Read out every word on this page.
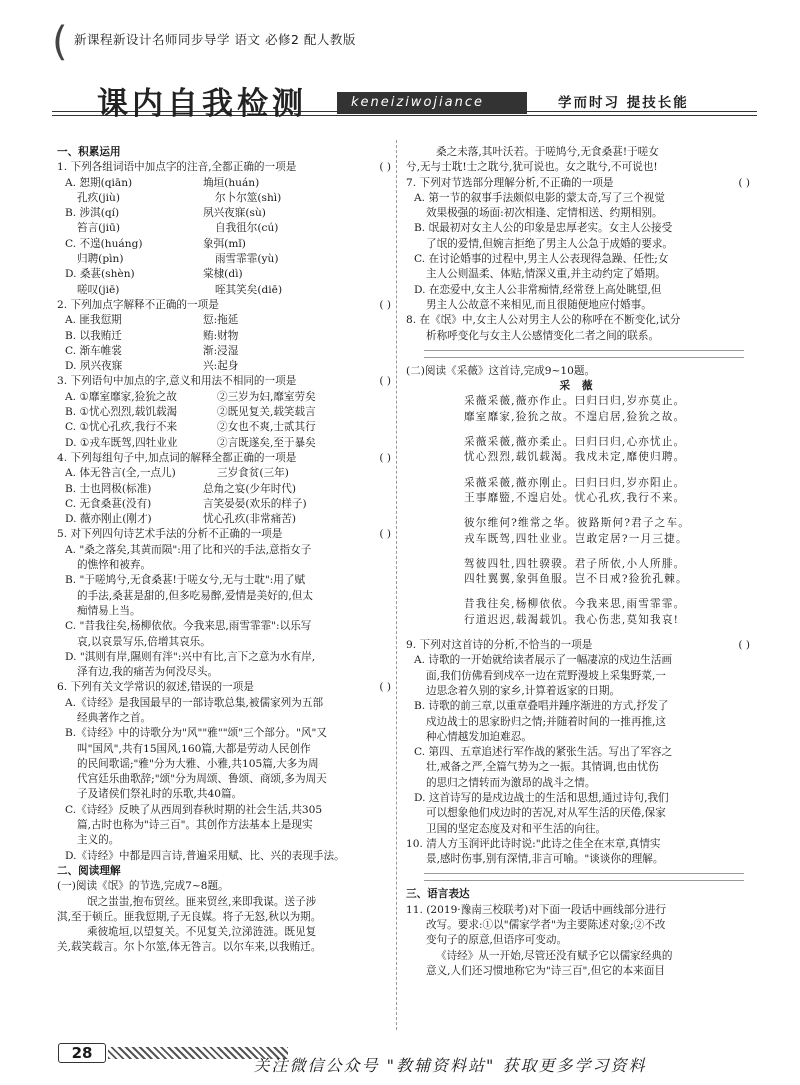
( 新课程新设计名师同步导学 语文 必修2 配人教版
课内自我检测	keneiziwojiance	学而时习 提技长能
一、积累运用
1. 下列各组词语中加点字的注音,全都正确的一项是	( )
A. 恕期(qiān)	埆垣(huán)
孔疚(jiù)	尔卜尔筮(shì)
B. 涉淇(qí)	夙兴夜寐(sù)
笞言(jiū)	自我徂尔(cú)
C. 不遑(huáng)	象弭(mǐ)
归聘(pìn)	雨雪霏霏(yù)
D. 桑葚(shèn)	棠棣(dì)
嗟叹(jiē)	咥其笑矣(diē)
2. 下列加点字解释不正确的一项是	( )
A. 匪我愆期	愆:拖延
B. 以我贿迁	贿:财物
C. 渐车帷裳	渐:浸湿
D. 夙兴夜寐	兴:起身
3. 下列语句中加点的字,意义和用法不相同的一项是	( )
A. ①靡室靡家,猃狁之故	②三岁为妇,靡室劳矣
B. ①忧心烈烈,载饥载渴	②既见复关,载笑载言
C. ①忧心孔疚,我行不来	②女也不爽,士贰其行
D. ①戎车既驾,四牡业业	②言既遂矣,至于暴矣
4. 下列每组句子中,加点词的解释全都正确的一项是	( )
A. 体无咎言(全,一点儿)	三岁食贫(三年)
B. 士也罔极(标准)	总角之宴(少年时代)
C. 无食桑葚(没有)	言笑晏晏(欢乐的样子)
D. 薇亦刚止(刚才)	忧心孔疚(非常痛苦)
5. 对下列四句诗艺术手法的分析不正确的一项是	( )
A. "桑之落矣,其黄而陨":用了比和兴的手法,意指女子
的憔悴和被弃。
B. "于嗟鸠兮,无食桑葚!于嗟女兮,无与士耽":用了赋
的手法,桑葚是甜的,但多吃易醉,爱情是美好的,但太
痴情易上当。
C. "昔我往矣,杨柳依依。今我来思,雨雪霏霏":以乐写
哀,以哀景写乐,倍增其哀乐。
D. "淇则有岸,隰则有泮":兴中有比,言下之意为水有岸,
泽有边,我的痛苦为何没尽头。
6. 下列有关文学常识的叙述,错误的一项是	( )
A.《诗经》是我国最早的一部诗歌总集,被儒家列为五部
经典著作之首。
B.《诗经》中的诗歌分为"风""雅""颂"三个部分。"风"又
叫"国风",共有15国风,160篇,大都是劳动人民创作
的民间歌谣;"雅"分为大雅、小雅,共105篇,大多为周
代宫廷乐曲歌辞;"颂"分为周颂、鲁颂、商颂,多为周天
子及诸侯们祭礼时的乐歌,共40篇。
C.《诗经》反映了从西周到春秋时期的社会生活,共305
篇,古时也称为"诗三百"。其创作方法基本上是现实
主义的。
D.《诗经》中都是四言诗,普遍采用赋、比、兴的表现手法。
二、阅读理解
(一)阅读《氓》的节选,完成7~8题。
氓之蚩蚩,抱布贸丝。匪来贸丝,来即我谋。送子涉
淇,至于顿丘。匪我愆期,子无良媒。将子无怒,秋以为期。
乘彼垝垣,以望复关。不见复关,泣涕涟涟。既见复
关,载笑载言。尔卜尔筮,体无咎言。以尔车来,以我贿迁。
桑之未落,其叶沃若。于嗟鸠兮,无食桑葚!于嗟女
兮,无与士耽!士之耽兮,犹可说也。女之耽兮,不可说也!
7. 下列对节选部分理解分析,不正确的一项是	( )
A. 第一节的叙事手法颇似电影的蒙太奇,写了三个视觉
效果极强的场面:初次相逢、定情相送、约期相别。
B. 氓最初对女主人公的印象是忠厚老实。女主人公接受
了氓的爱情,但婉言拒绝了男主人公急于成婚的要求。
C. 在讨论婚事的过程中,男主人公表现得急躁、任性;女
主人公则温柔、体贴,情深义重,并主动约定了婚期。
D. 在恋爱中,女主人公非常痴情,经常登上高处眺望,但
男主人公故意不来相见,而且很随便地应付婚事。
8. 在《氓》中,女主人公对男主人公的称呼在不断变化,试分
析称呼变化与女主人公感情变化二者之间的联系。
(二)阅读《采薇》这首诗,完成9~10题。
采 薇
采薇采薇,薇亦作止。曰归曰归,岁亦莫止。
靡室靡家,猃狁之故。不遑启居,猃狁之故。
采薇采薇,薇亦柔止。曰归曰归,心亦忧止。
忧心烈烈,载饥载渴。我戍未定,靡使归聘。
采薇采薇,薇亦刚止。曰归曰归,岁亦阳止。
王事靡盬,不遑启处。忧心孔疚,我行不来。
彼尔维何?维常之华。彼路斯何?君子之车。
戎车既驾,四牡业业。岂敢定居?一月三捷。
驾彼四牡,四牡骙骙。君子所依,小人所腓。
四牡翼翼,象弭鱼服。岂不日戒?猃狁孔棘。
昔我往矣,杨柳依依。今我来思,雨雪霏霏。
行道迟迟,载渴载饥。我心伤悲,莫知我哀!
9. 下列对这首诗的分析,不恰当的一项是	( )
A. 诗歌的一开始就给读者展示了一幅凄凉的戍边生活画
面,我们仿佛看到戍卒一边在荒野漫坡上采集野菜,一
边思念着久别的家乡,计算着返家的日期。
B. 诗歌的前三章,以重章叠唱并踵序渐进的方式,抒发了
戍边战士的思家盼归之情;并随着时间的一推再推,这
种心情越发加迫难忍。
C. 第四、五章追述行军作战的紧张生活。写出了军容之
壮,戒备之严,全篇气势为之一振。其情调,也由忧伤
的思归之情转而为激昂的战斗之情。
D. 这首诗写的是戍边战士的生活和思想,通过诗句,我们
可以想象他们戍边时的苦况,对从军生活的厌倦,保家
卫国的坚定态度及对和平生活的向往。
10. 清人方玉润评此诗时说:"此诗之佳全在末章,真情实
景,感时伤事,别有深情,非言可喻。"谈谈你的理解。
三、语言表达
11. (2019·豫南三校联考)对下面一段话中画线部分进行
改写。要求:①以"儒家学者"为主要陈述对象;②不改
变句子的原意,但语序可变动。
《诗经》从一开始,尽管还没有赋予它以儒家经典的
意义,人们还习惯地称它为"诗三百",但它的本来面目
28
关注微信公众号 "教辅资料站" 获取更多学习资料
